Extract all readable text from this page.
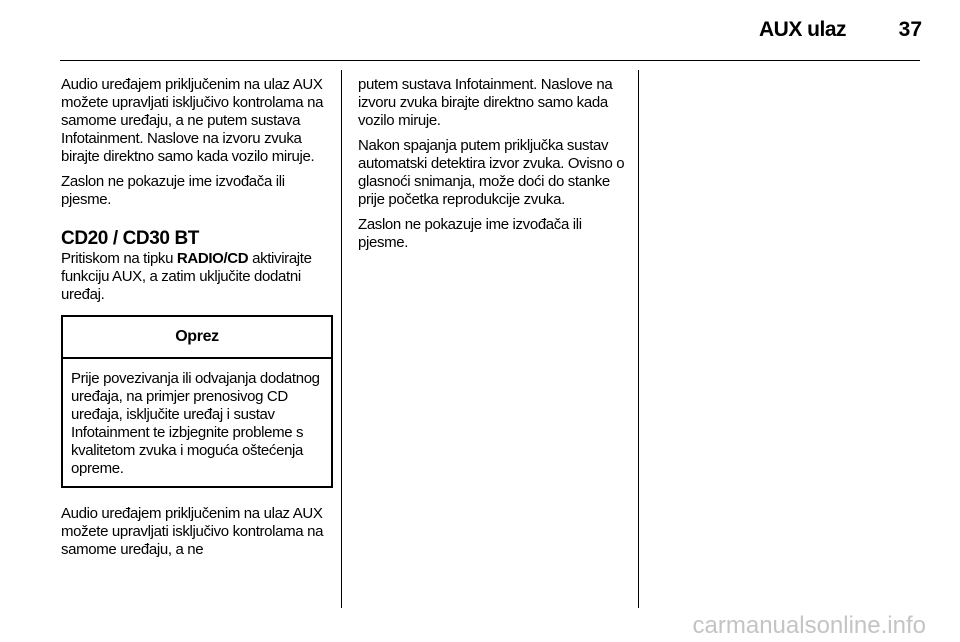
AUX ulaz	37

Audio uređajem priključenim na ulaz AUX možete upravljati isključivo kontrolama na samome uređaju, a ne putem sustava Infotainment. Naslove na izvoru zvuka birajte direktno samo kada vozilo miruje.

Zaslon ne pokazuje ime izvođača ili pjesme.

CD20 / CD30 BT

Pritiskom na tipku RADIO/CD aktivirajte funkciju AUX, a zatim uključite dodatni uređaj.

Oprez
Prije povezivanja ili odvajanja dodatnog uređaja, na primjer prenosivog CD uređaja, isključite uređaj i sustav Infotainment te izbjegnite probleme s kvalitetom zvuka i moguća oštećenja opreme.

Audio uređajem priključenim na ulaz AUX možete upravljati isključivo kontrolama na samome uređaju, a ne

putem sustava Infotainment. Naslove na izvoru zvuka birajte direktno samo kada vozilo miruje.

Nakon spajanja putem priključka sustav automatski detektira izvor zvuka. Ovisno o glasnoći snimanja, može doći do stanke prije početka reprodukcije zvuka.

Zaslon ne pokazuje ime izvođača ili pjesme.

carmanualsonline.info
